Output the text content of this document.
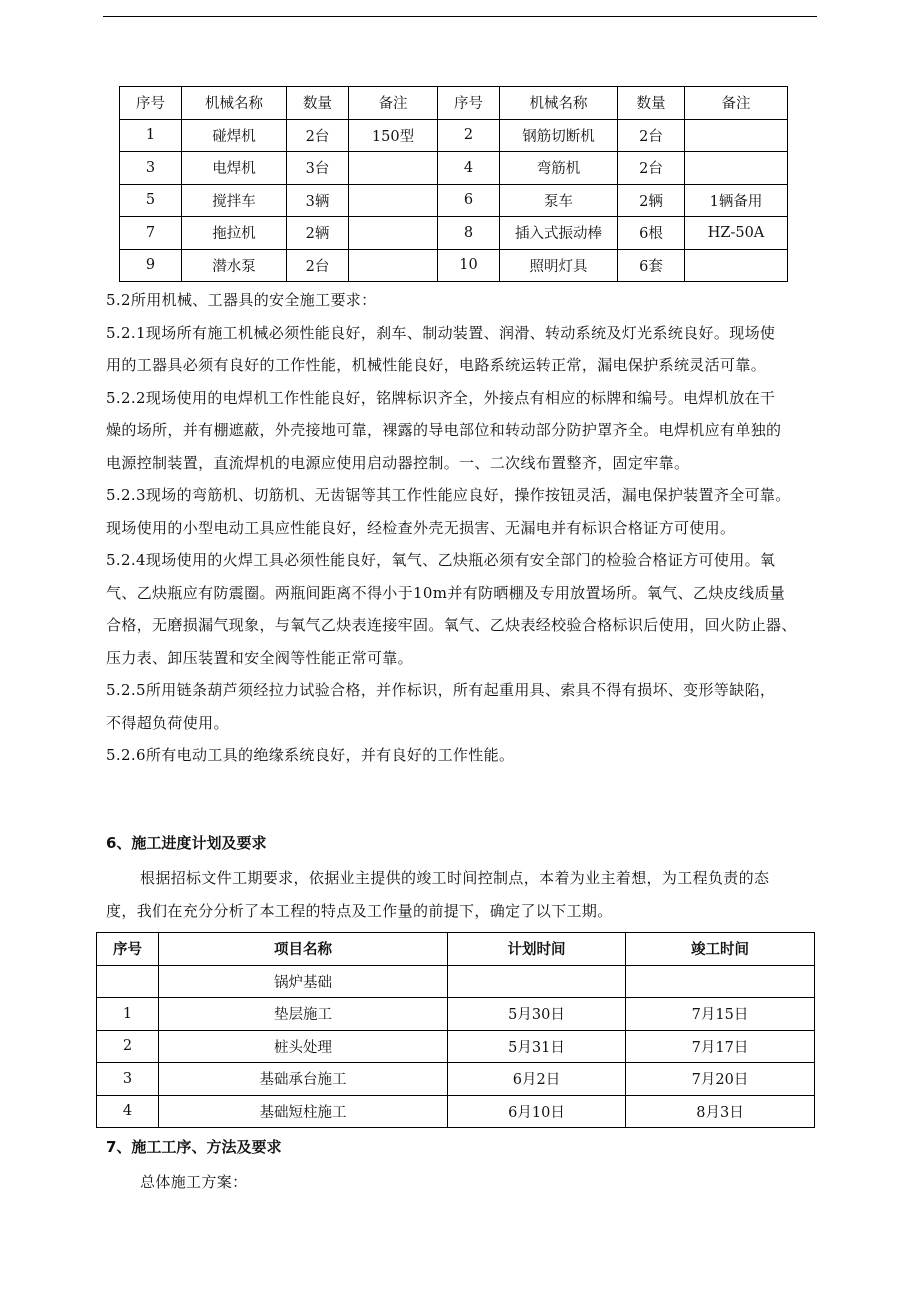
序号	机械名称	数量	备注	序号	机械名称	数量	备注
1	碰焊机	2台	150型	2	钢筋切断机	2台	
3	电焊机	3台		4	弯筋机	2台	
5	搅拌车	3辆		6	泵车	2辆	1辆备用
7	拖拉机	2辆		8	插入式振动棒	6根	HZ-50A
9	潜水泵	2台		10	照明灯具	6套	
5.2所用机械、工器具的安全施工要求：
5.2.1现场所有施工机械必须性能良好，刹车、制动装置、润滑、转动系统及灯光系统良好。现场使
用的工器具必须有良好的工作性能，机械性能良好，电路系统运转正常，漏电保护系统灵活可靠。
5.2.2现场使用的电焊机工作性能良好，铭牌标识齐全，外接点有相应的标牌和编号。电焊机放在干
燥的场所，并有棚遮蔽，外壳接地可靠，裸露的导电部位和转动部分防护罩齐全。电焊机应有单独的
电源控制装置，直流焊机的电源应使用启动器控制。一、二次线布置整齐，固定牢靠。
5.2.3现场的弯筋机、切筋机、无齿锯等其工作性能应良好，操作按钮灵活，漏电保护装置齐全可靠。
现场使用的小型电动工具应性能良好，经检查外壳无损害、无漏电并有标识合格证方可使用。
5.2.4现场使用的火焊工具必须性能良好，氧气、乙炔瓶必须有安全部门的检验合格证方可使用。氧
气、乙炔瓶应有防震圈。两瓶间距离不得小于10m并有防晒棚及专用放置场所。氧气、乙炔皮线质量
合格，无磨损漏气现象，与氧气乙炔表连接牢固。氧气、乙炔表经校验合格标识后使用，回火防止器、
压力表、卸压装置和安全阀等性能正常可靠。
5.2.5所用链条葫芦须经拉力试验合格，并作标识，所有起重用具、索具不得有损坏、变形等缺陷，
不得超负荷使用。
5.2.6所有电动工具的绝缘系统良好，并有良好的工作性能。
6、施工进度计划及要求
根据招标文件工期要求，依据业主提供的竣工时间控制点，本着为业主着想，为工程负责的态
度，我们在充分分析了本工程的特点及工作量的前提下，确定了以下工期。
序号	项目名称	计划时间	竣工时间
	锅炉基础		
1	垫层施工	5月30日	7月15日
2	桩头处理	5月31日	7月17日
3	基础承台施工	6月2日	7月20日
4	基础短柱施工	6月10日	8月3日
7、施工工序、方法及要求
总体施工方案：
